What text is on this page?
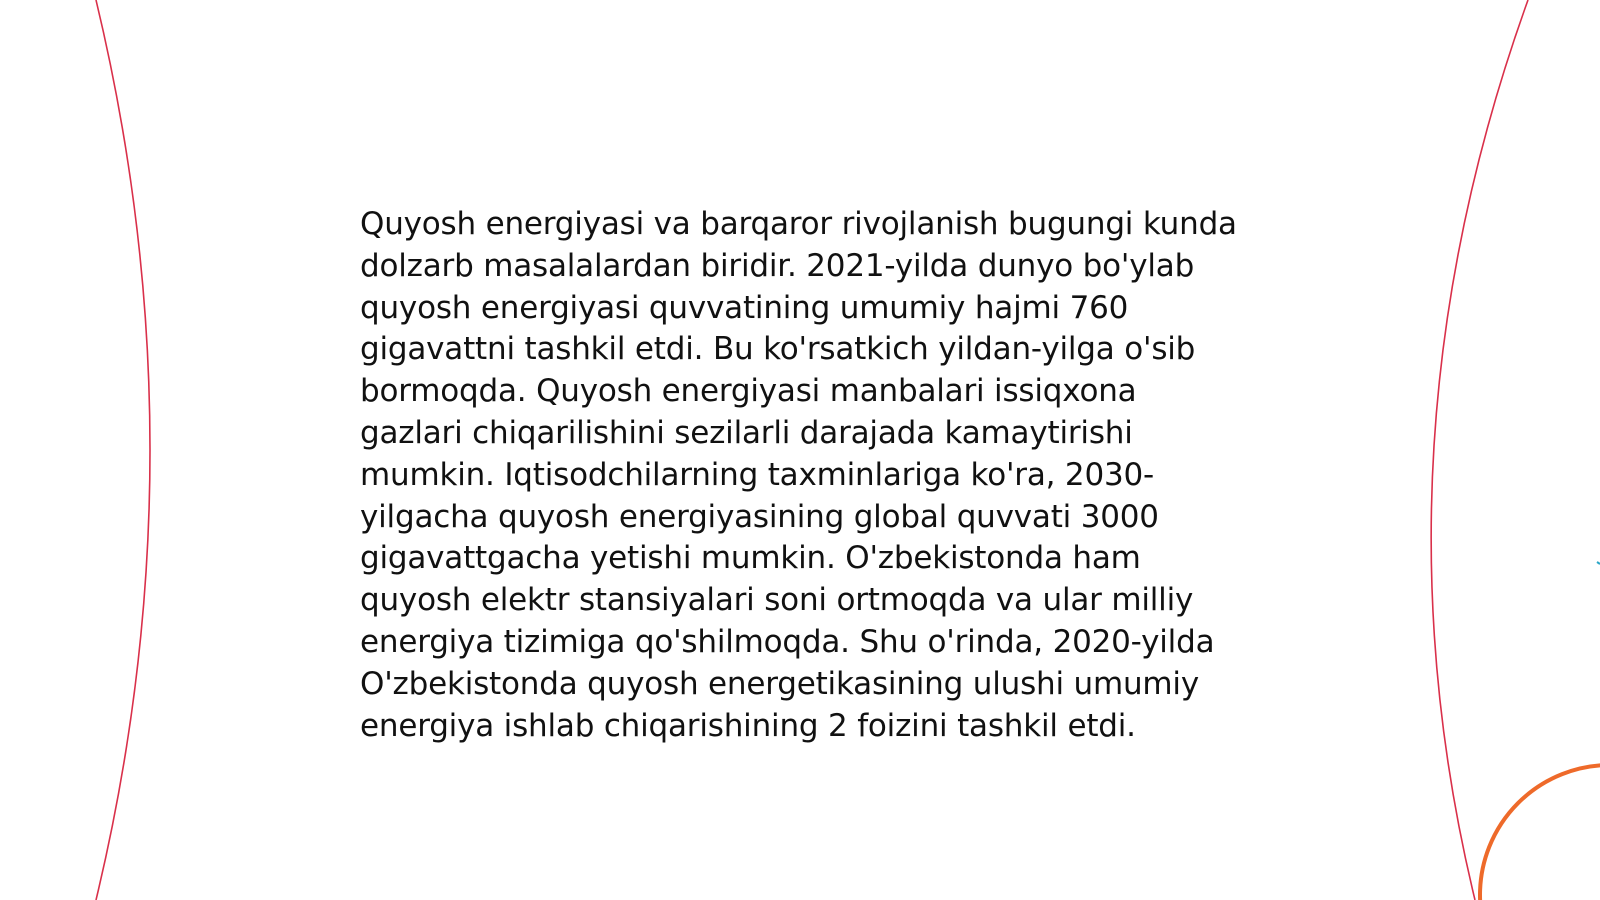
Quyosh energiyasi va barqaror rivojlanish bugungi kunda dolzarb masalalardan biridir. 2021-yilda dunyo bo'ylab quyosh energiyasi quvvatining umumiy hajmi 760 gigavattni tashkil etdi. Bu ko'rsatkich yildan-yilga o'sib bormoqda. Quyosh energiyasi manbalari issiqxona gazlari chiqarilishini sezilarli darajada kamaytirishi mumkin. Iqtisodchilarning taxminlariga ko'ra, 2030-yilgacha quyosh energiyasining global quvvati 3000 gigavattgacha yetishi mumkin. O'zbekistonda ham quyosh elektr stansiyalari soni ortmoqda va ular milliy energiya tizimiga qo'shilmoqda. Shu o'rinda, 2020-yilda O'zbekistonda quyosh energetikasining ulushi umumiy energiya ishlab chiqarishining 2 foizini tashkil etdi.
